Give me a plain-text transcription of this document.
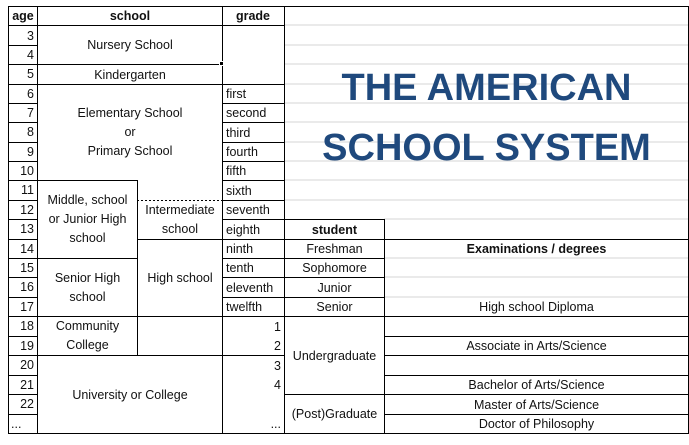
age	school	grade
3
4
5
6
7
8
9
10
11
12
13
14
15
16
17
18
19
20
21
22
...
Nursery School
Kindergarten
Elementary School
or
Primary School
Middle, school
or Junior High
school
Intermediate
school
Senior High
school
High school
Community
College
University or College
first
second
third
fourth
fifth
sixth
seventh
eighth
ninth
tenth
eleventh
twelfth
1
2
3
4
...
student
Freshman
Sophomore
Junior
Senior
Undergraduate
(Post)Graduate
Examinations / degrees
High school Diploma
Associate in Arts/Science
Bachelor of Arts/Science
Master of Arts/Science
Doctor of Philosophy
THE AMERICAN
SCHOOL SYSTEM
